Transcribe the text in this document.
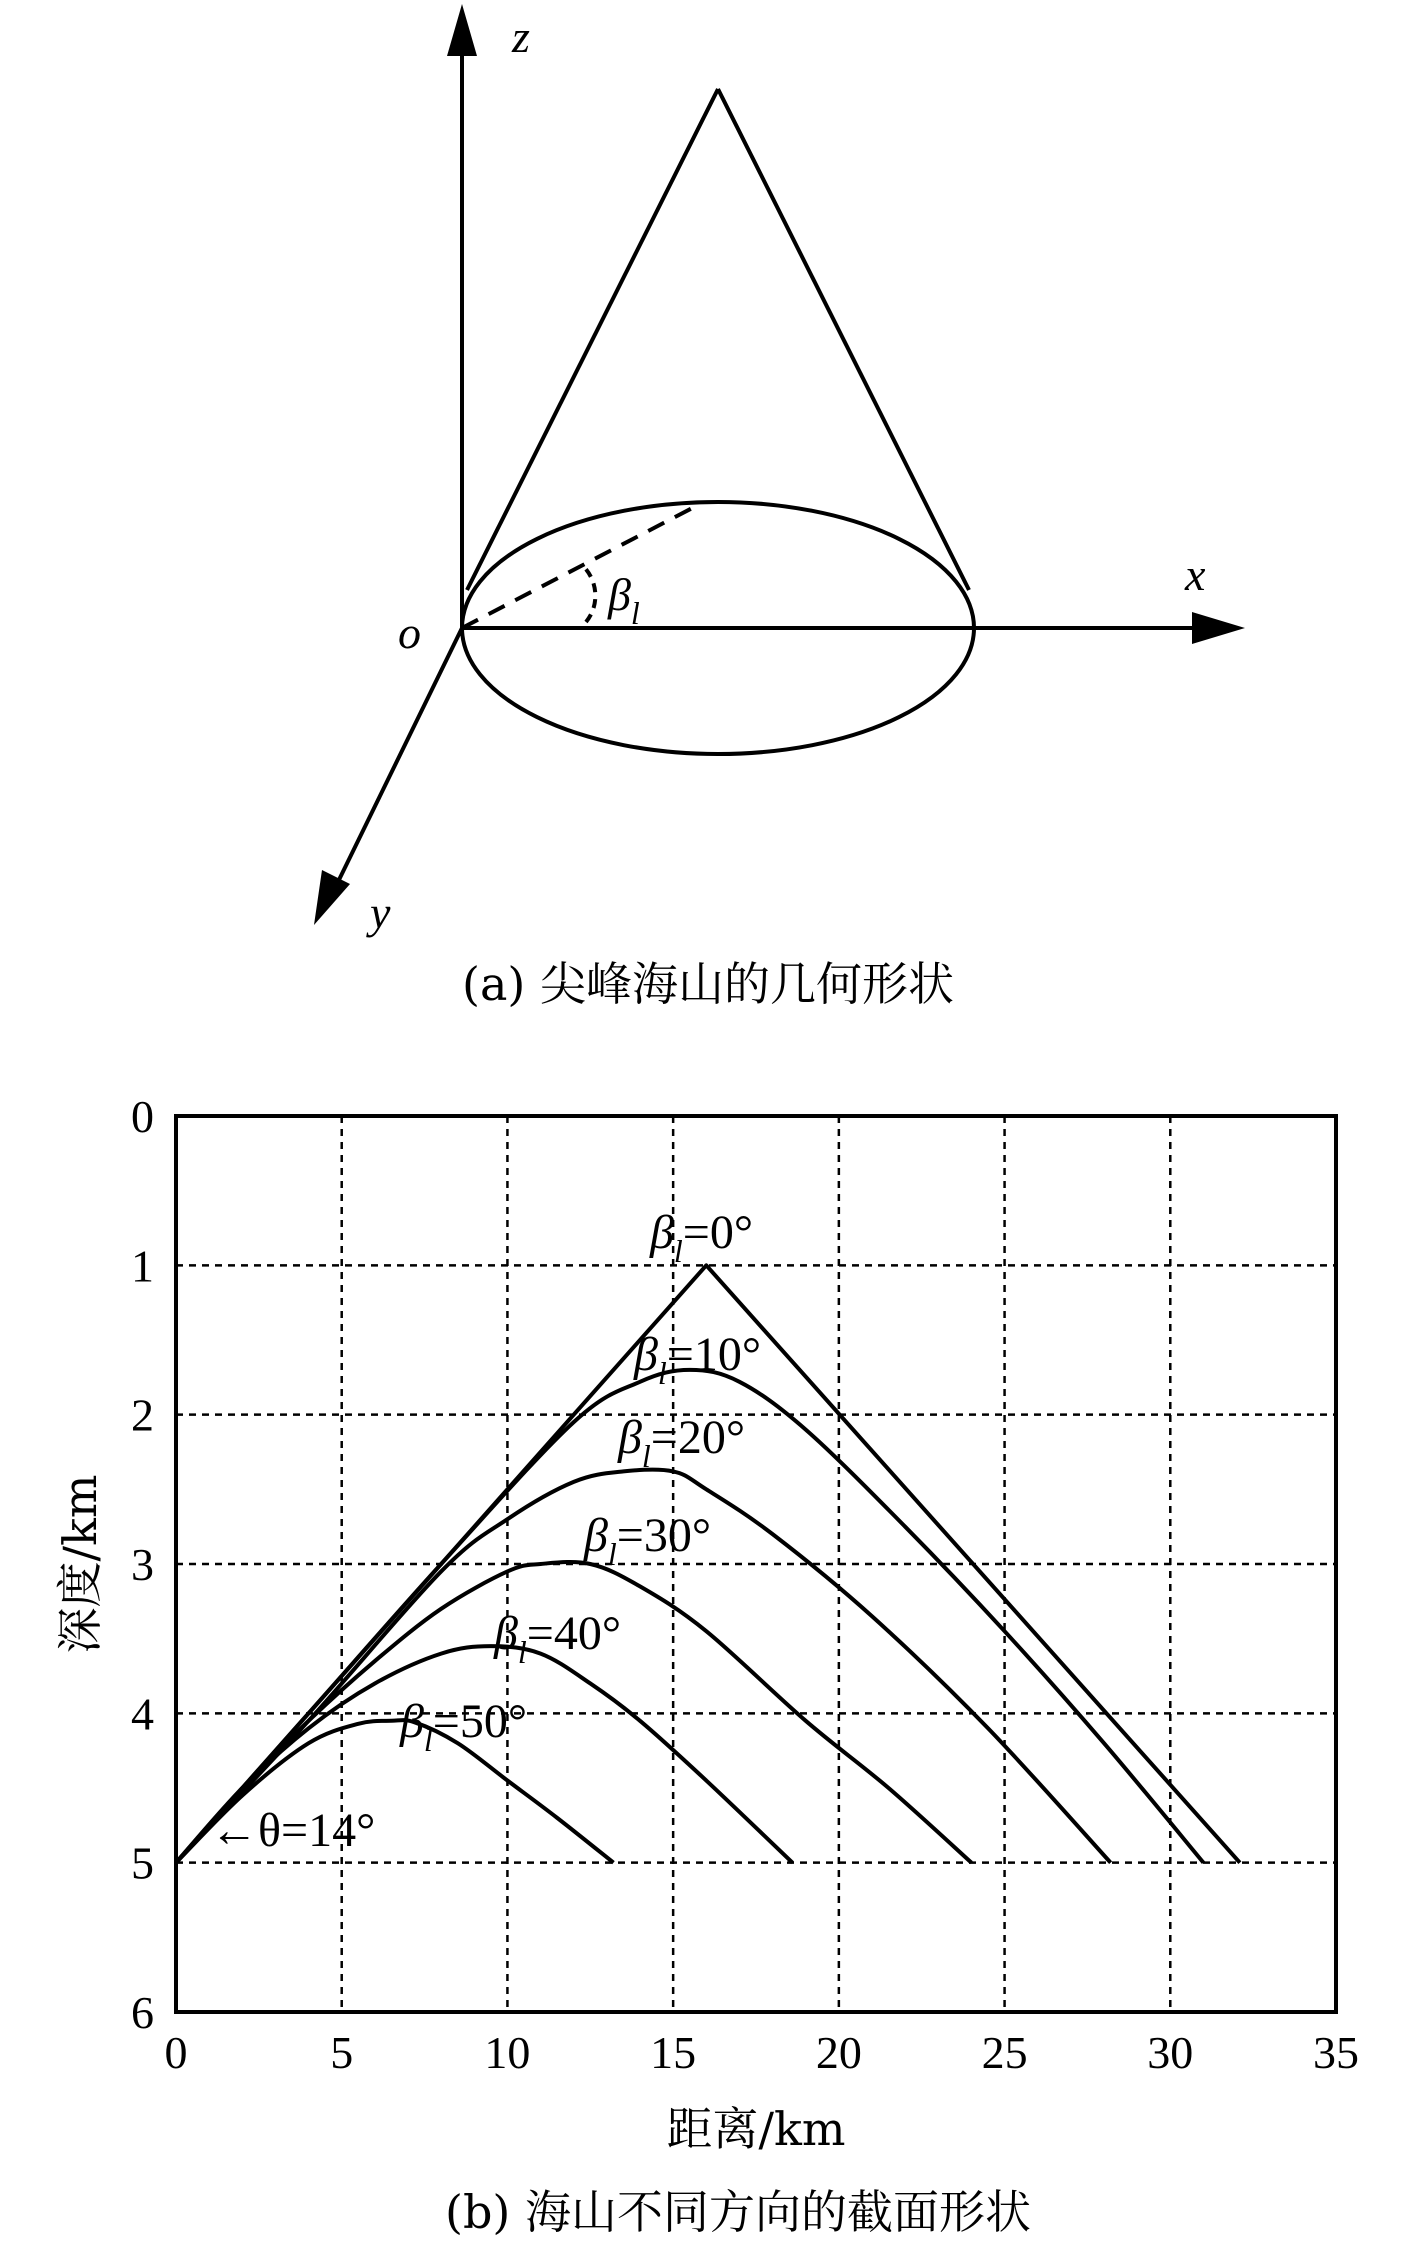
z
x
y
o
$\beta_l$
(a) 尖峰海山的几何形状
0	5	10	15	20	25	30	35
0
1
2
3
4
5
6
$\beta_l=0^\circ$
$\beta_l=10^\circ$
$\beta_l=20^\circ$
$\beta_l=30^\circ$
$\beta_l=40^\circ$
$\beta_l=50^\circ$
←θ=14°
距离/km
深度/km
(b) 海山不同方向的截面形状
